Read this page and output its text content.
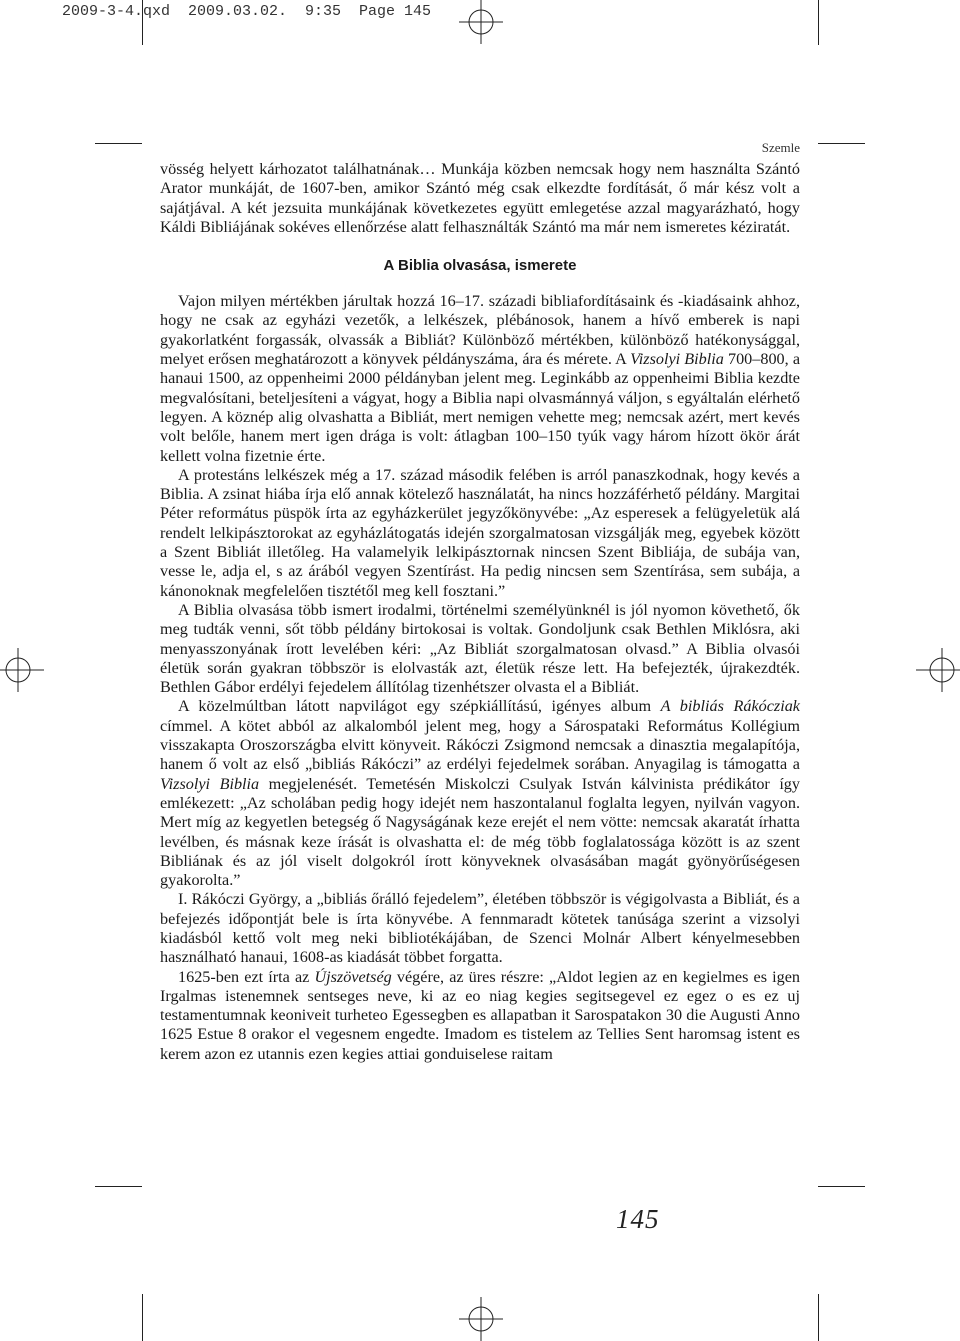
2009-3-4.qxd  2009.03.02.  9:35  Page 145
Szemle

vösség helyett kárhozatot találhatnának… Munkája közben nemcsak hogy nem használta Szántó Arator munkáját, de 1607-ben, amikor Szántó még csak elkezdte fordítását, ő már kész volt a sajátjával. A két jezsuita munkájának következetes együtt emlegetése azzal magyarázható, hogy Káldi Bibliájának sokéves ellenőrzése alatt felhasználták Szántó ma már nem ismeretes kéziratát.

A Biblia olvasása, ismerete

Vajon milyen mértékben járultak hozzá 16–17. századi bibliafordításaink és -kiadásaink ahhoz, hogy ne csak az egyházi vezetők, a lelkészek, plébánosok, hanem a hívő emberek is napi gyakorlatként forgassák, olvassák a Bibliát? Különböző mértékben, különböző hatékonysággal, melyet erősen meghatározott a könyvek példányszáma, ára és mérete. A Vizsolyi Biblia 700–800, a hanaui 1500, az oppenheimi 2000 példányban jelent meg. Leginkább az oppenheimi Biblia kezdte megvalósítani, beteljesíteni a vágyat, hogy a Biblia napi olvasmánnyá váljon, s egyáltalán elérhető legyen. A köznép alig olvashatta a Bibliát, mert nemigen vehette meg; nemcsak azért, mert kevés volt belőle, hanem mert igen drága is volt: átlagban 100–150 tyúk vagy három hízott ökör árát kellett volna fizetnie érte.

A protestáns lelkészek még a 17. század második felében is arról panaszkodnak, hogy kevés a Biblia. A zsinat hiába írja elő annak kötelező használatát, ha nincs hozzáférhető példány. Margitai Péter református püspök írta az egyházkerület jegyzőkönyvébe: „Az esperesek a felügyeletük alá rendelt lelkipásztorokat az egyházlátogatás idején szorgalmatosan vizsgálják meg, egyebek között a Szent Bibliát illetőleg. Ha valamelyik lelkipásztornak nincsen Szent Bibliája, de subája van, vesse le, adja el, s az árából vegyen Szentírást. Ha pedig nincsen sem Szentírása, sem subája, a kánonoknak megfelelően tisztétől meg kell fosztani.”

A Biblia olvasása több ismert irodalmi, történelmi személyünknél is jól nyomon követhető, ők meg tudták venni, sőt több példány birtokosai is voltak. Gondoljunk csak Bethlen Miklósra, aki menyasszonyának írott levelében kéri: „Az Bibliát szorgalmatosan olvasd.” A Biblia olvasói életük során gyakran többször is elolvasták azt, életük része lett. Ha befejezték, újrakezdték. Bethlen Gábor erdélyi fejedelem állítólag tizenhétszer olvasta el a Bibliát.

A közelmúltban látott napvilágot egy szépkiállítású, igényes album A bibliás Rákócziak címmel. A kötet abból az alkalomból jelent meg, hogy a Sárospataki Református Kollégium visszakapta Oroszországba elvitt könyveit. Rákóczi Zsigmond nemcsak a dinasztia megalapítója, hanem ő volt az első „bibliás Rákóczi” az erdélyi fejedelmek sorában. Anyagilag is támogatta a Vizsolyi Biblia megjelenését. Temetésén Miskolczi Csulyak István kálvinista prédikátor így emlékezett: „Az scholában pedig hogy idejét nem haszontalanul foglalta legyen, nyilván vagyon. Mert míg az kegyetlen betegség ő Nagyságának keze erejét el nem vötte: nemcsak akaratát írhatta levélben, és másnak keze írását is olvashatta el: de még több foglalatossága között is az szent Bibliának és az jól viselt dolgokról írott könyveknek olvasásában magát gyönyörűségesen gyakorolta.”

I. Rákóczi György, a „bibliás őrálló fejedelem”, életében többször is végigolvasta a Bibliát, és a befejezés időpontját bele is írta könyvébe. A fennmaradt kötetek tanúsága szerint a vizsolyi kiadásból kettő volt meg neki bibliotékájában, de Szenci Molnár Albert kényelmesebben használható hanaui, 1608-as kiadását többet forgatta.

1625-ben ezt írta az Újszövetség végére, az üres részre: „Aldot legien az en kegielmes es igen Irgalmas istenemnek sentseges neve, ki az eo niag kegies segitsegevel ez egez o es ez uj testamentumnak keoniveit turheteo Egessegben es allapatban it Sarospatakon 30 die Augusti Anno 1625 Estue 8 orakor el vegesnem engedte. Imadom es tistelem az Tellies Sent haromsag istent es kerem azon ez utannis ezen kegies attiai gonduiselese raitam

145
